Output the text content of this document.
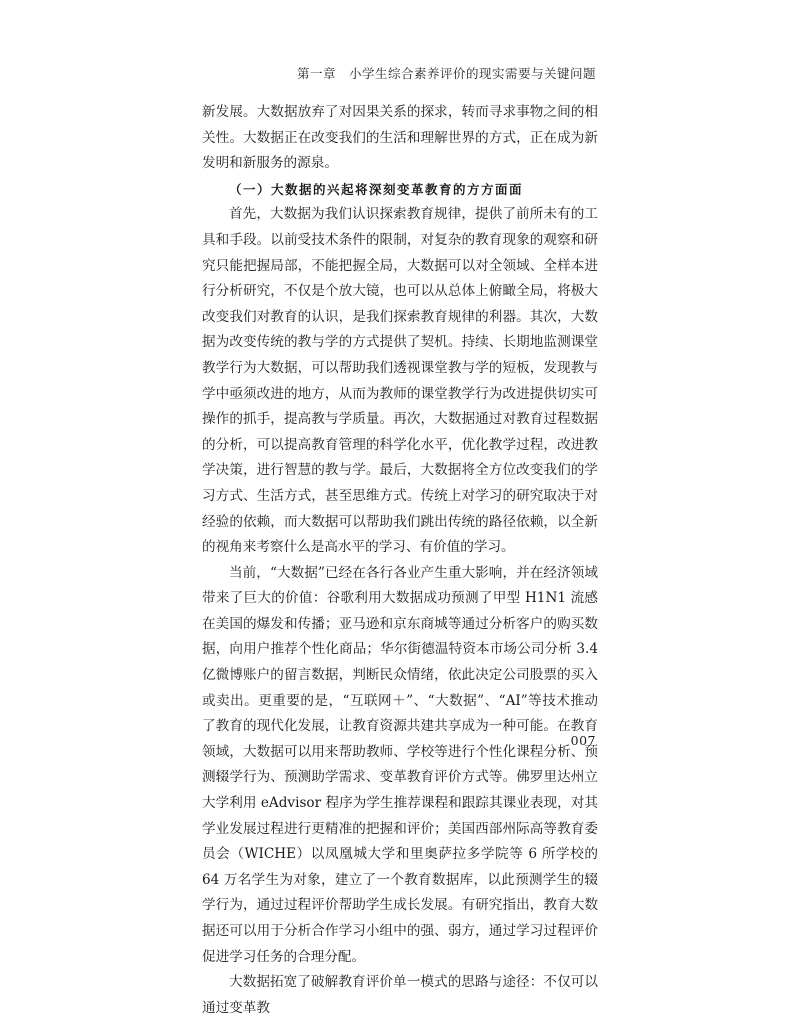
第一章　小学生综合素养评价的现实需要与关键问题

新发展。大数据放弃了对因果关系的探求，转而寻求事物之间的相关性。大数据正在改变我们的生活和理解世界的方式，正在成为新发明和新服务的源泉。

（一）大数据的兴起将深刻变革教育的方方面面

首先，大数据为我们认识探索教育规律，提供了前所未有的工具和手段。以前受技术条件的限制，对复杂的教育现象的观察和研究只能把握局部，不能把握全局，大数据可以对全领域、全样本进行分析研究，不仅是个放大镜，也可以从总体上俯瞰全局，将极大改变我们对教育的认识，是我们探索教育规律的利器。其次，大数据为改变传统的教与学的方式提供了契机。持续、长期地监测课堂教学行为大数据，可以帮助我们透视课堂教与学的短板，发现教与学中亟须改进的地方，从而为教师的课堂教学行为改进提供切实可操作的抓手，提高教与学质量。再次，大数据通过对教育过程数据的分析，可以提高教育管理的科学化水平，优化教学过程，改进教学决策，进行智慧的教与学。最后，大数据将全方位改变我们的学习方式、生活方式，甚至思维方式。传统上对学习的研究取决于对经验的依赖，而大数据可以帮助我们跳出传统的路径依赖，以全新的视角来考察什么是高水平的学习、有价值的学习。

当前，“大数据”已经在各行各业产生重大影响，并在经济领域带来了巨大的价值：谷歌利用大数据成功预测了甲型 H1N1 流感在美国的爆发和传播；亚马逊和京东商城等通过分析客户的购买数据，向用户推荐个性化商品；华尔街德温特资本市场公司分析 3.4 亿微博账户的留言数据，判断民众情绪，依此决定公司股票的买入或卖出。更重要的是，“互联网＋”、“大数据”、“AI”等技术推动了教育的现代化发展，让教育资源共建共享成为一种可能。在教育领域，大数据可以用来帮助教师、学校等进行个性化课程分析、预测辍学行为、预测助学需求、变革教育评价方式等。佛罗里达州立大学利用 eAdvisor 程序为学生推荐课程和跟踪其课业表现，对其学业发展过程进行更精准的把握和评价；美国西部州际高等教育委员会（WICHE）以凤凰城大学和里奥萨拉多学院等 6 所学校的 64 万名学生为对象，建立了一个教育数据库，以此预测学生的辍学行为，通过过程评价帮助学生成长发展。有研究指出，教育大数据还可以用于分析合作学习小组中的强、弱方，通过学习过程评价促进学习任务的合理分配。

大数据拓宽了破解教育评价单一模式的思路与途径：不仅可以通过变革教

007
